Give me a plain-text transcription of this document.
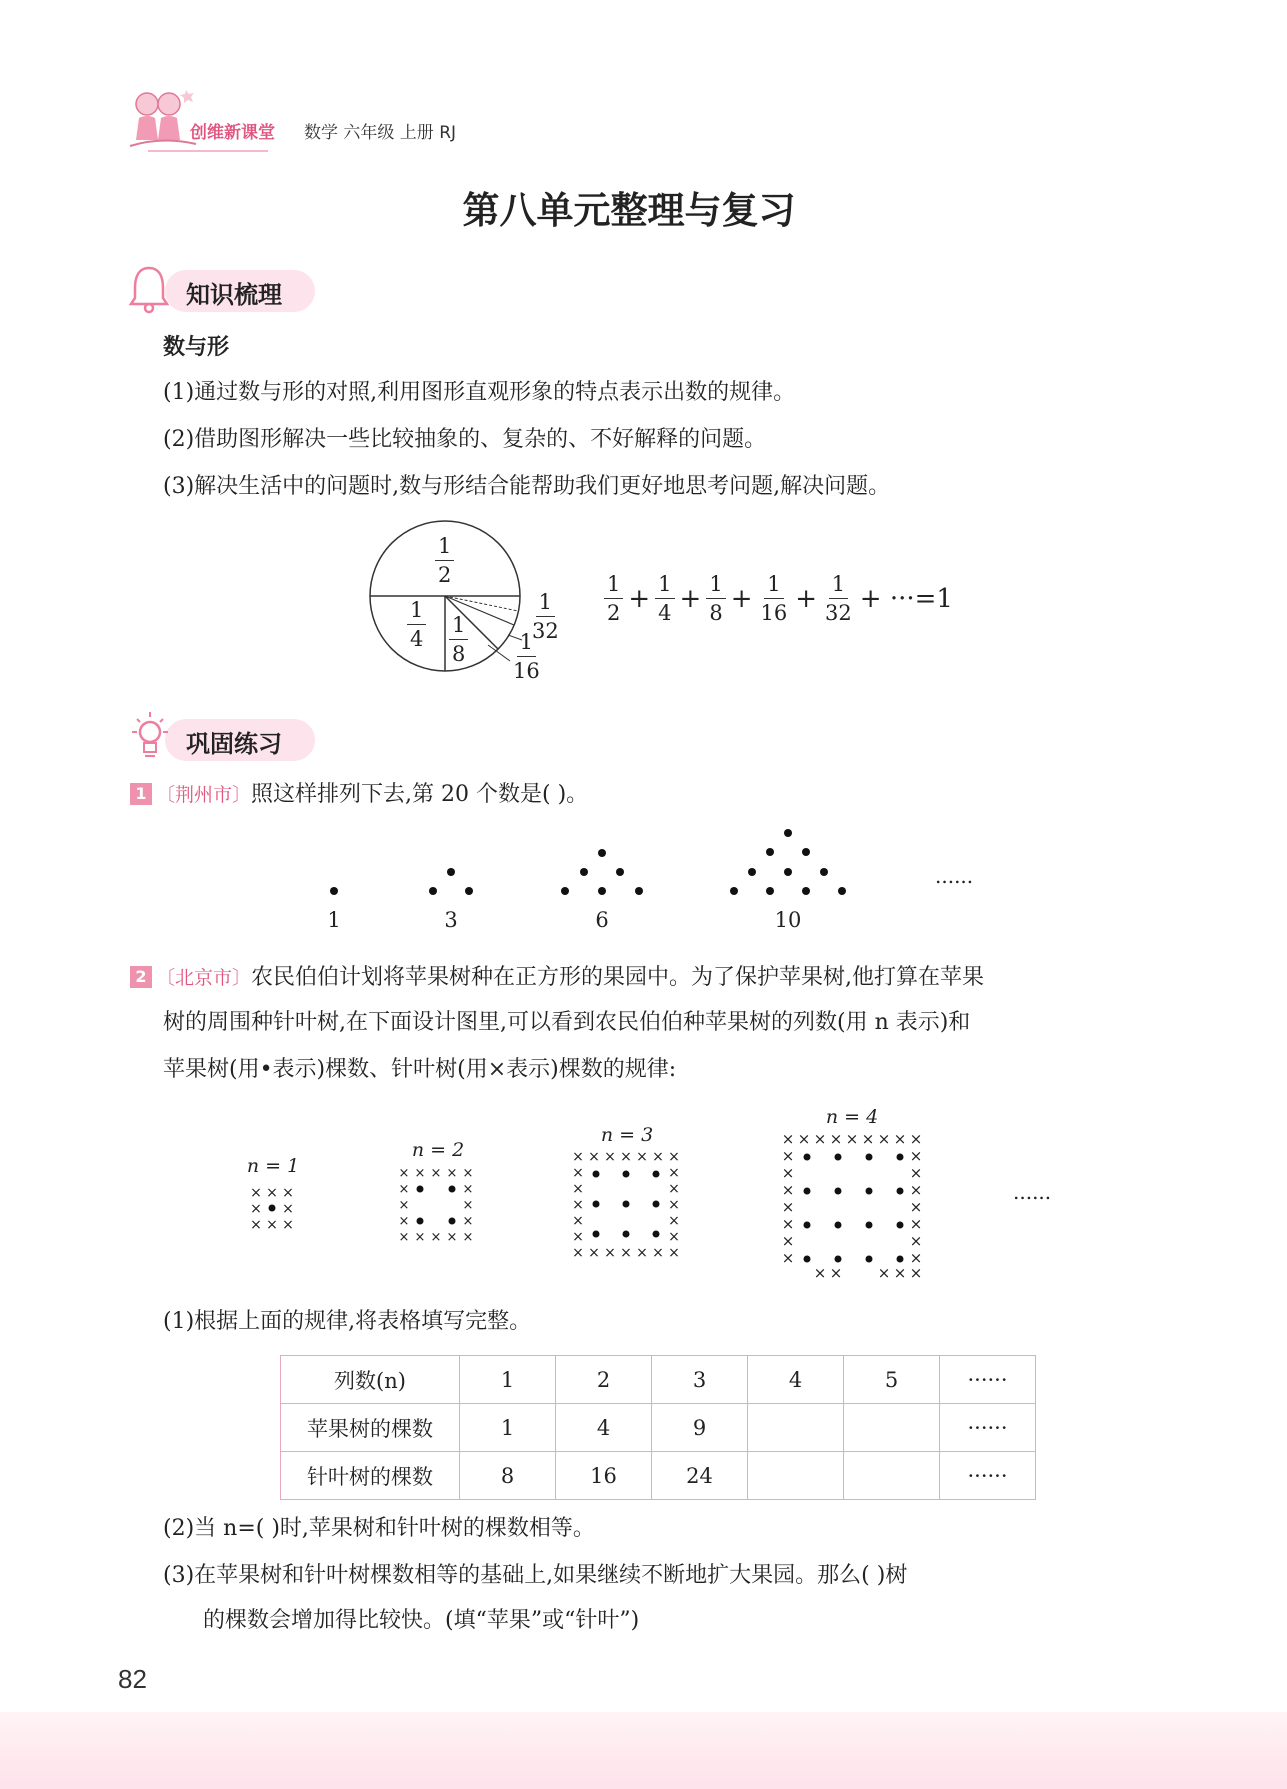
创维新课堂 数学 六年级 上册 RJ
第八单元整理与复习
知识梳理
数与形
(1)通过数与形的对照,利用图形直观形象的特点表示出数的规律。
(2)借助图形解决一些比较抽象的、复杂的、不好解释的问题。
(3)解决生活中的问题时,数与形结合能帮助我们更好地思考问题,解决问题。
$\frac{1}{2}$
$\frac{1}{4} \frac{1}{8} \frac{1}{16}$
$\frac{1}{32} \frac{1}{2} + \frac{1}{4} + \frac{1}{8} + \frac{1}{16} + \frac{1}{32} + \cdot\cdot\cdot=1$
巩固练习
1 〔荆州市〕照这样排列下去,第 20 个数是( )。
1	3	6	10
......
2 〔北京市〕农民伯伯计划将苹果树种在正方形的果园中。为了保护苹果树,他打算在苹果
树的周围种针叶树,在下面设计图里,可以看到农民伯伯种苹果树的列数(用 n 表示)和
苹果树(用•表示)棵数、针叶树(用×表示)棵数的规律:
n = 1
n = 2
n = 3
n = 4
× × ×
× ×
× × ×
× × × × ×
×	×
×	×
×	×
× × × × ×
× × × × × × ×
×	×
×	×
×	×
×	×
×	×
× × × × × × ×
× × × × × × × × ×
×	×
×	×
×	×
×	×
×	×
×	×
×	×
× × × × ×
......
(1)根据上面的规律,将表格填写完整。
列数(n)	1	2	3	4	5	······
苹果树的棵数	1	4	9			······
针叶树的棵数	8	16	24			······
(2)当 n=( )时,苹果树和针叶树的棵数相等。
(3)在苹果树和针叶树棵数相等的基础上,如果继续不断地扩大果园。那么( )树
的棵数会增加得比较快。(填“苹果”或“针叶”)
82
